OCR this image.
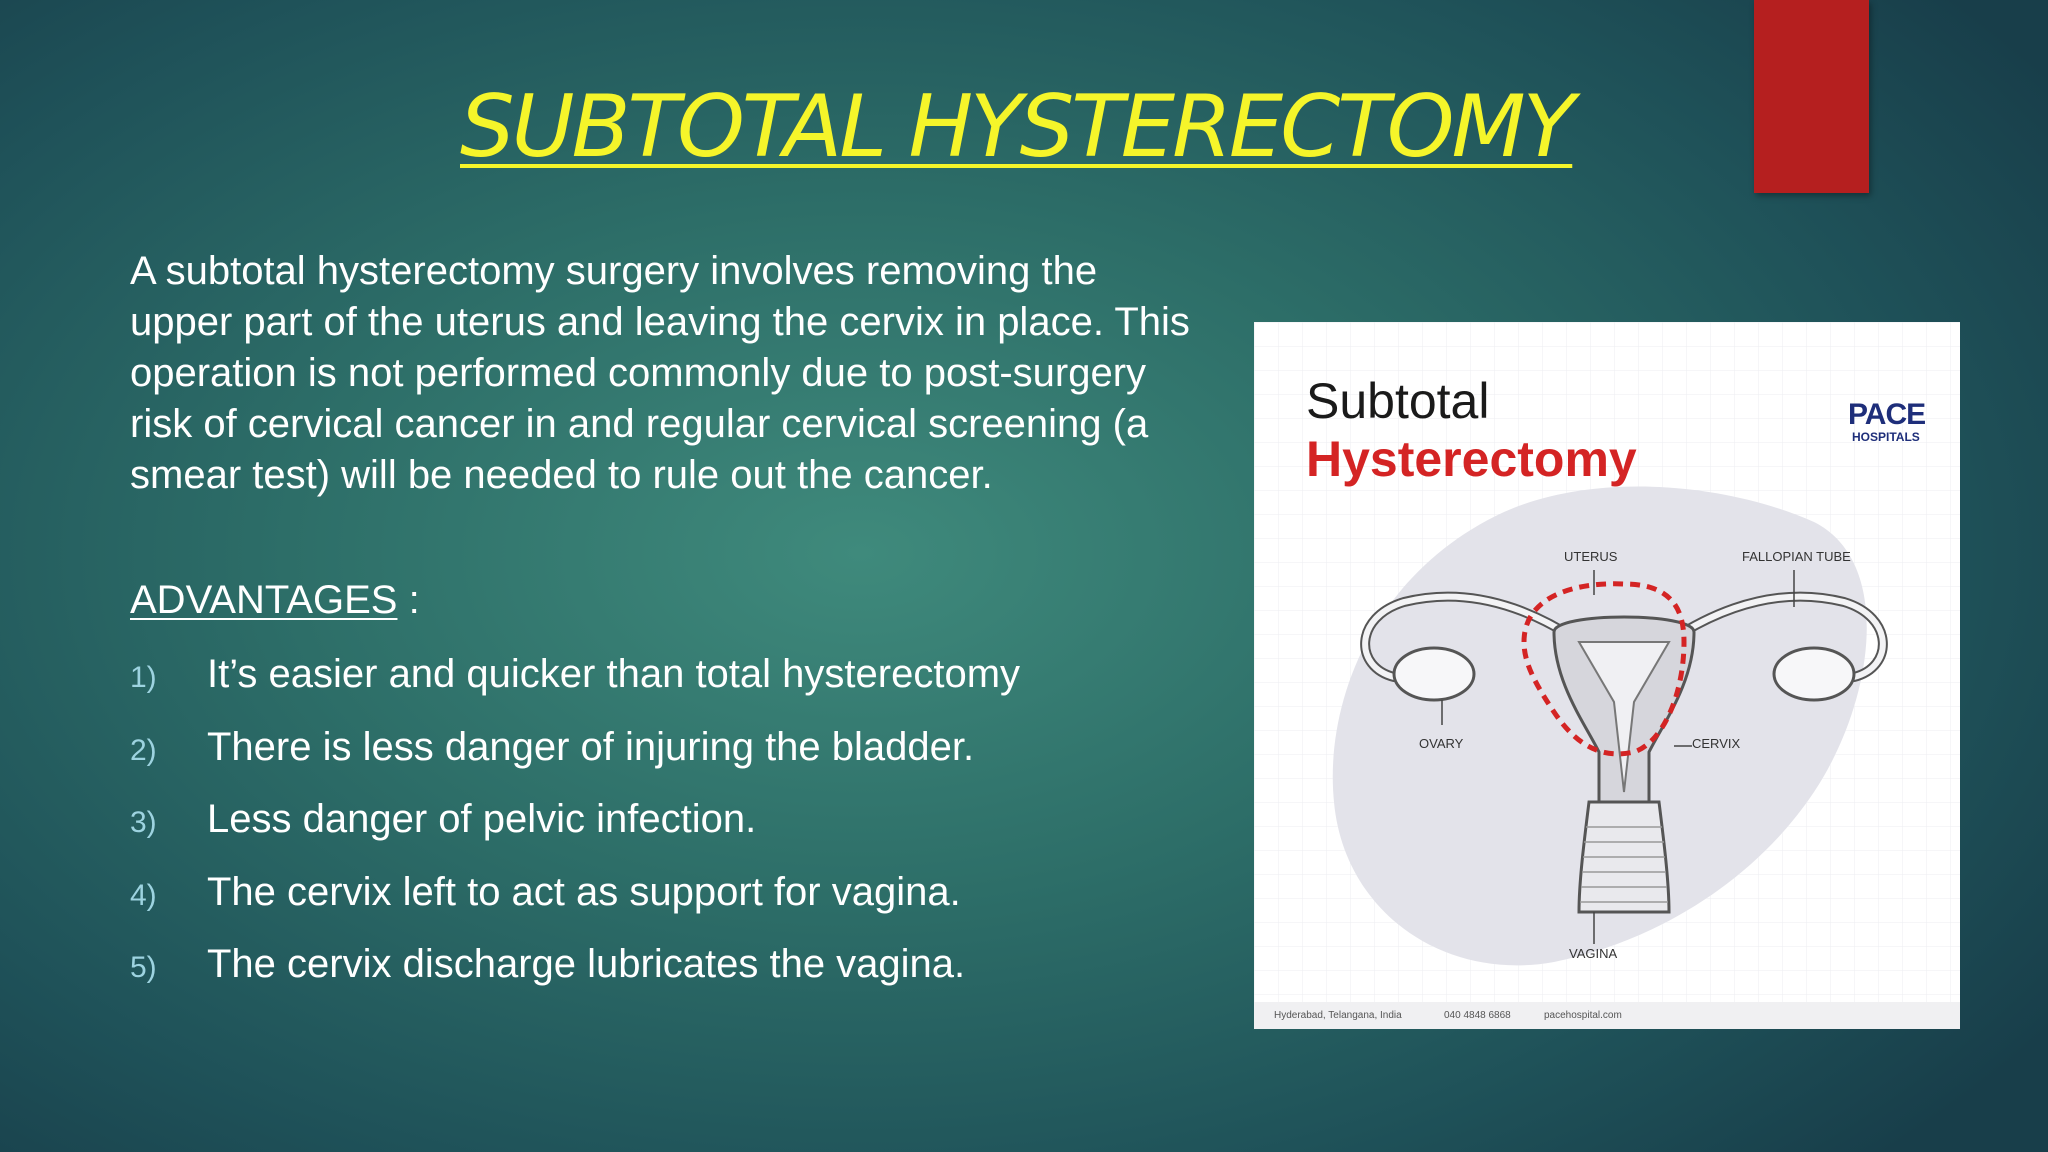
SUBTOTAL HYSTERECTOMY

A subtotal hysterectomy surgery involves removing the upper part of the uterus and leaving the cervix in place. This operation is not performed commonly due to post-surgery risk of cervical cancer in and regular cervical screening (a smear test) will be needed to rule out the cancer.

ADVANTAGES :
1)	It’s easier and quicker than total hysterectomy
2)	There is less danger of injuring the bladder.
3)	Less danger of pelvic infection.
4)	The cervix left to act as support for vagina.
5)	The cervix discharge lubricates the vagina.
Subtotal
Hysterectomy
PACE
HOSPITALS
UTERUS	FALLOPIAN TUBE
OVARY	CERVIX
VAGINA
Hyderabad, Telangana, India	040 4848 6868	pacehospital.com
